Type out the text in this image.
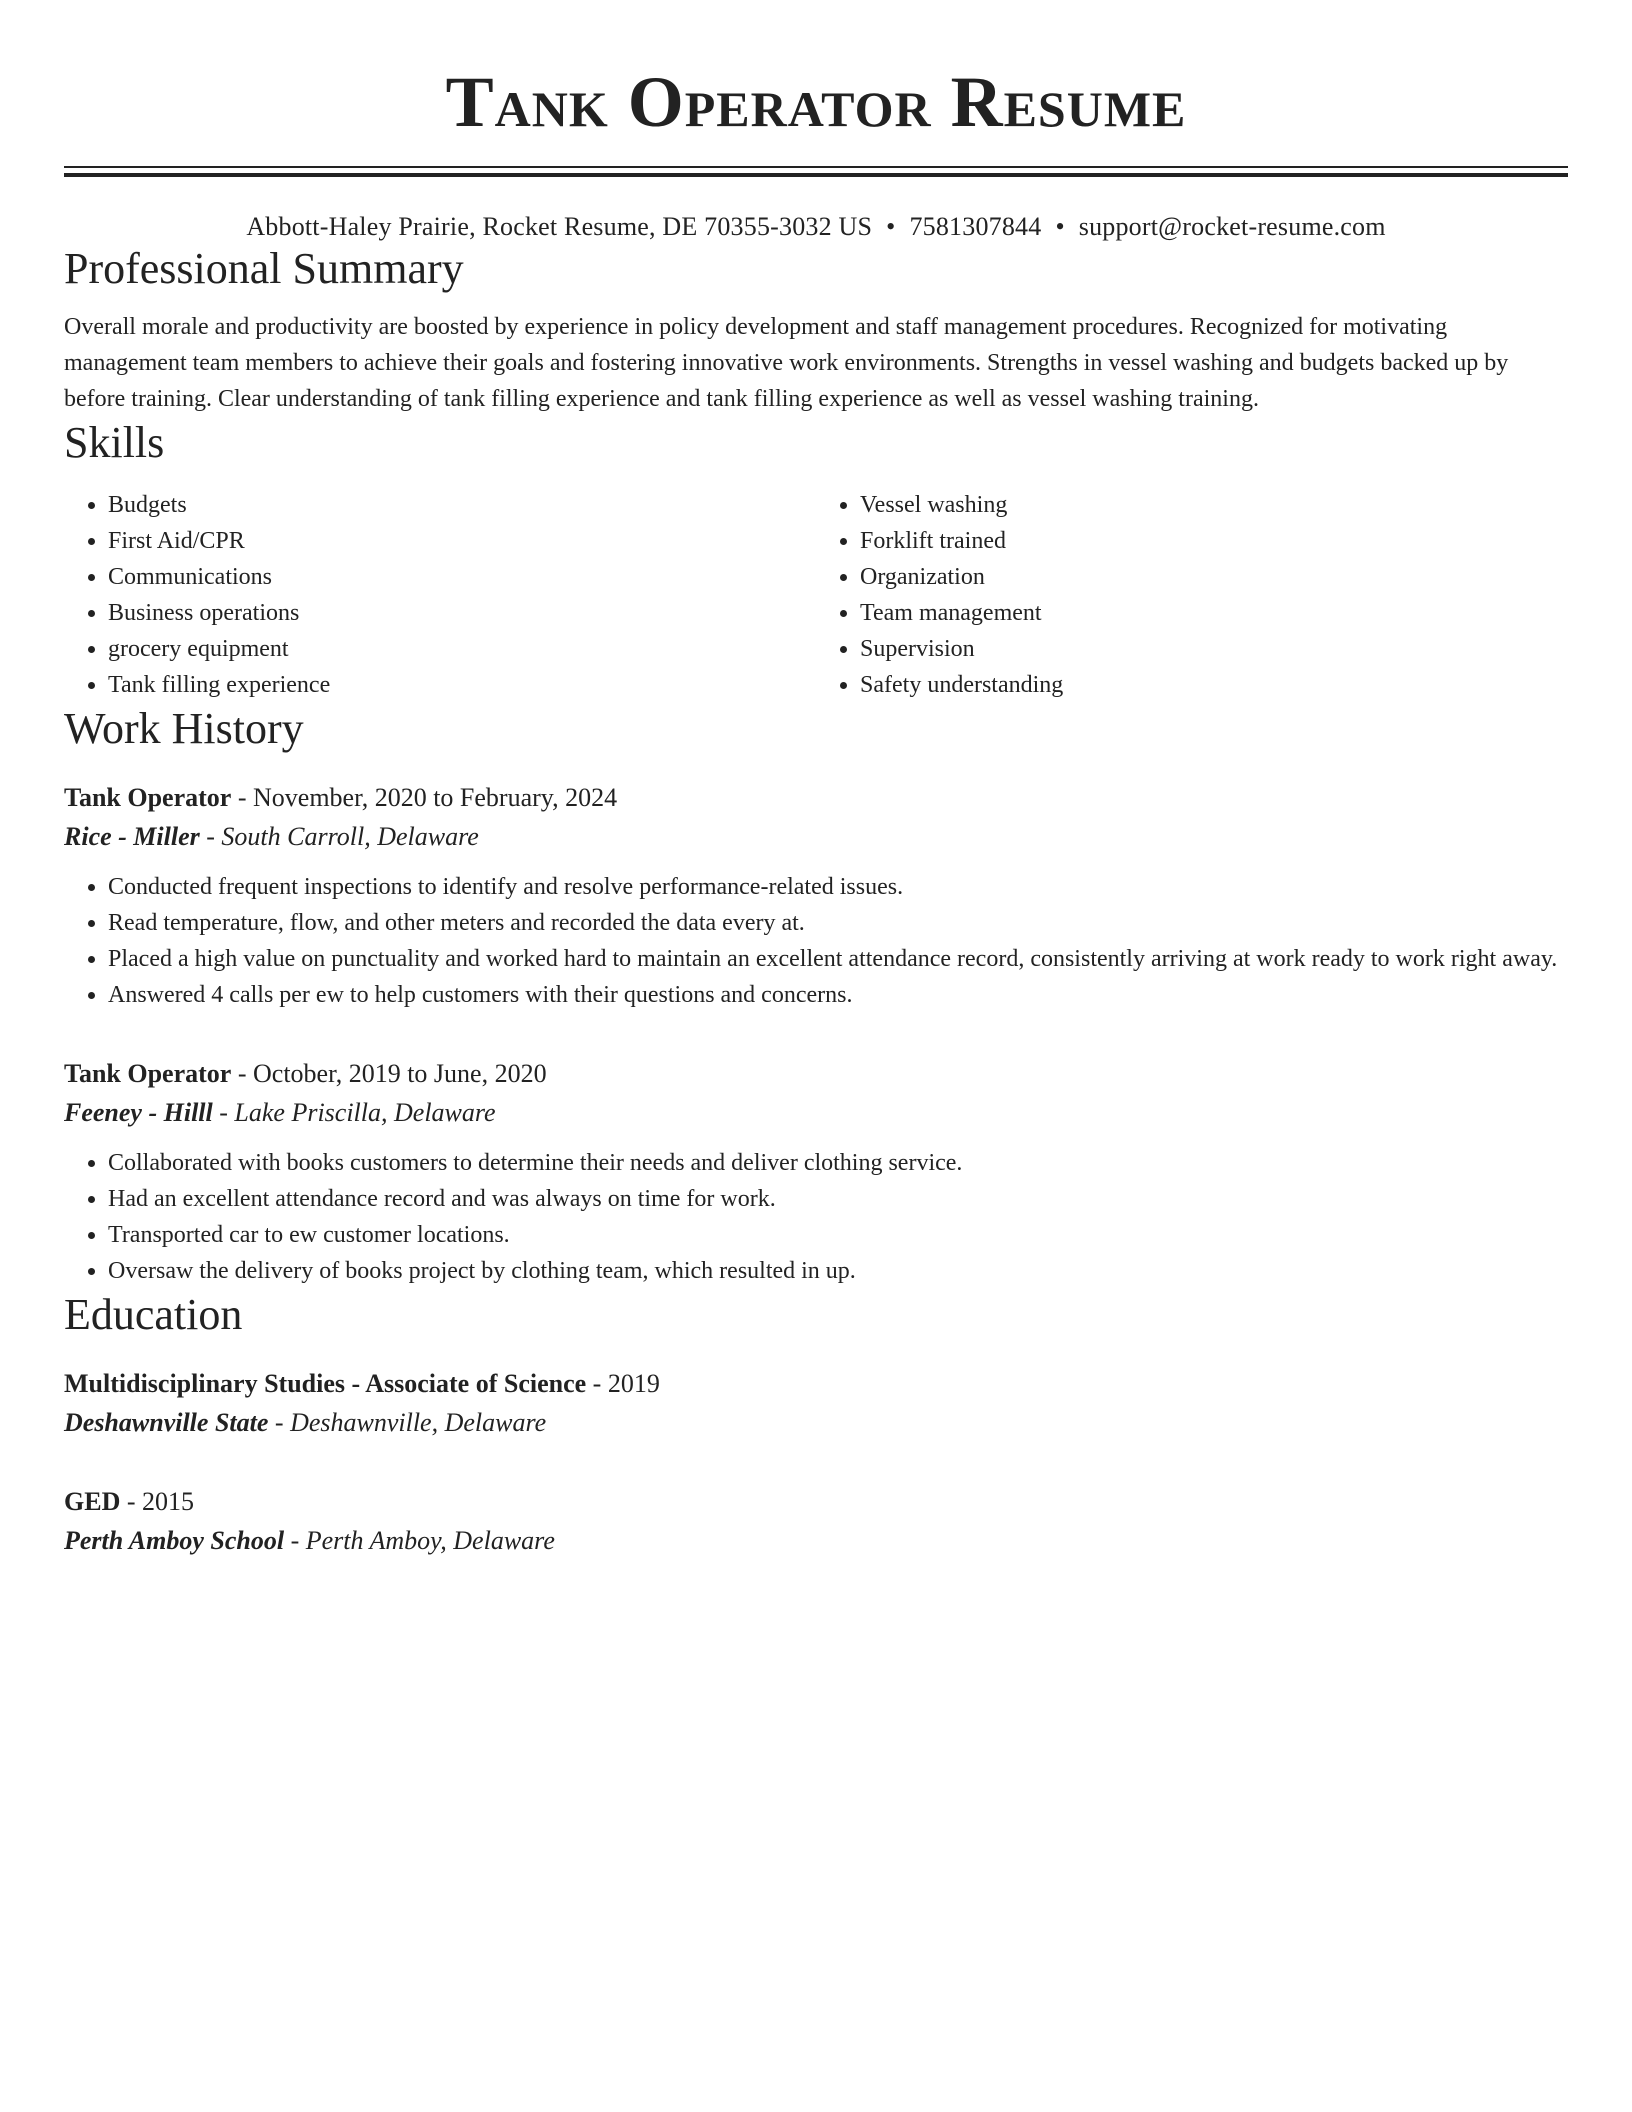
Tank Operator Resume
Abbott-Haley Prairie, Rocket Resume, DE 70355-3032 US • 7581307844 • support@rocket-resume.com
Professional Summary

Overall morale and productivity are boosted by experience in policy development and staff management procedures. Recognized for motivating management team members to achieve their goals and fostering innovative work environments. Strengths in vessel washing and budgets backed up by before training. Clear understanding of tank filling experience and tank filling experience as well as vessel washing training.

Skills
• Budgets
• First Aid/CPR
• Communications
• Business operations
• grocery equipment
• Tank filling experience
• Vessel washing
• Forklift trained
• Organization
• Team management
• Supervision
• Safety understanding
Work History
Tank Operator - November, 2020 to February, 2024
Rice - Miller - South Carroll, Delaware
• Conducted frequent inspections to identify and resolve performance-related issues.
• Read temperature, flow, and other meters and recorded the data every at.
• Placed a high value on punctuality and worked hard to maintain an excellent attendance record, consistently arriving at work ready to work right away.
• Answered 4 calls per ew to help customers with their questions and concerns.
Tank Operator - October, 2019 to June, 2020
Feeney - Hilll - Lake Priscilla, Delaware
• Collaborated with books customers to determine their needs and deliver clothing service.
• Had an excellent attendance record and was always on time for work.
• Transported car to ew customer locations.
• Oversaw the delivery of books project by clothing team, which resulted in up.
Education
Multidisciplinary Studies - Associate of Science - 2019
Deshawnville State - Deshawnville, Delaware
GED - 2015
Perth Amboy School - Perth Amboy, Delaware
